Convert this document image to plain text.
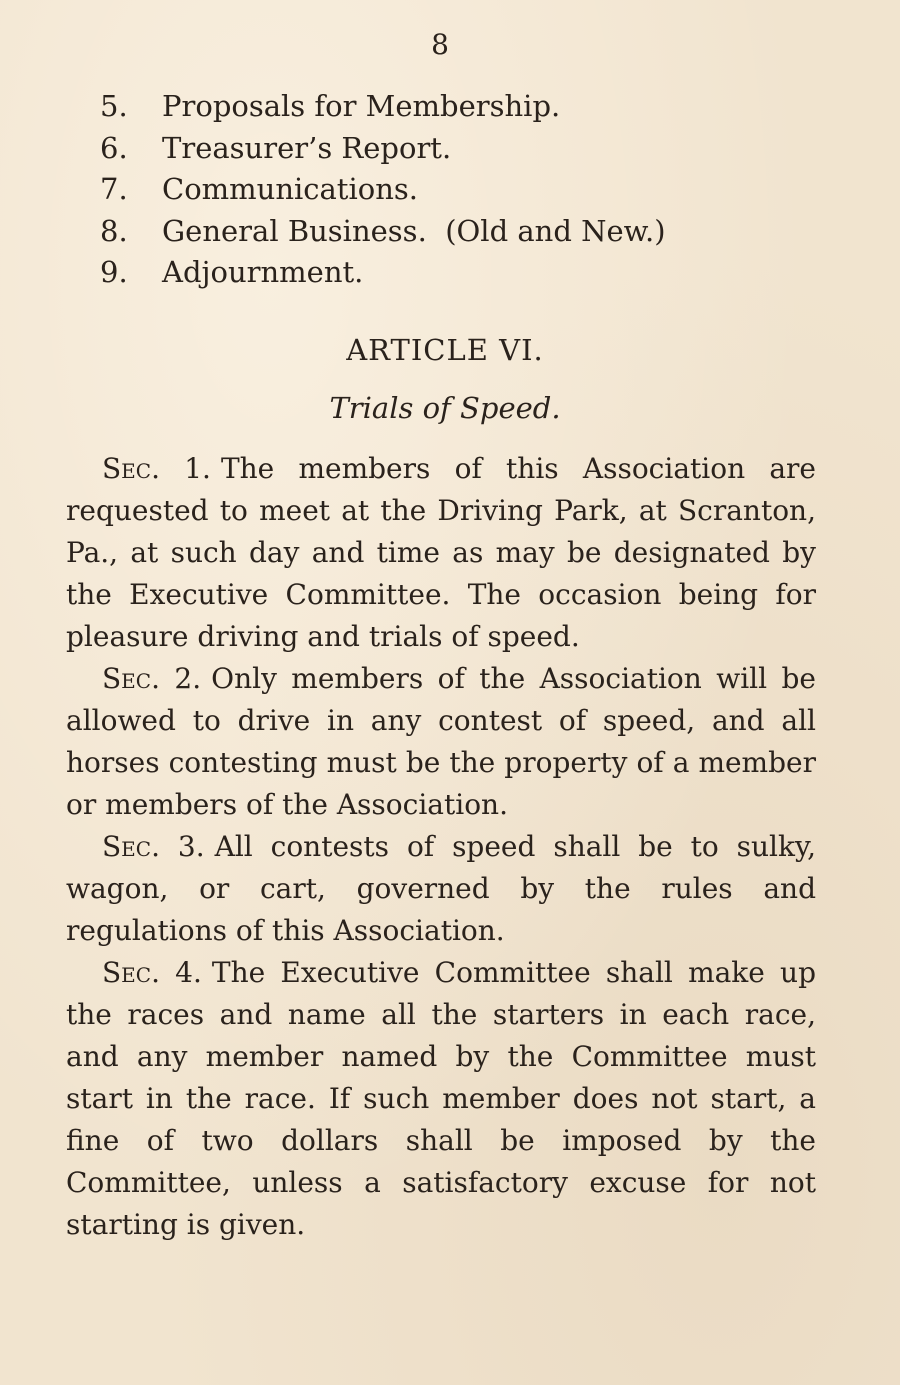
8
5.	Proposals for Membership.
6.	Treasurer’s Report.
7.	Communications.
8.	General Business.  (Old and New.)
9.	Adjournment.
ARTICLE VI.
Trials of Speed.

Sec. 1. The members of this Association are requested to meet at the Driving Park, at Scranton, Pa., at such day and time as may be designated by the Executive Committee. The occasion being for pleasure driving and trials of speed.

Sec. 2. Only members of the Association will be allowed to drive in any contest of speed, and all horses contesting must be the property of a member or members of the Association.

Sec. 3. All contests of speed shall be to sulky, wagon, or cart, governed by the rules and regulations of this Association.

Sec. 4. The Executive Committee shall make up the races and name all the starters in each race, and any member named by the Committee must start in the race. If such member does not start, a fine of two dollars shall be imposed by the Committee, unless a satisfactory excuse for not starting is given.
